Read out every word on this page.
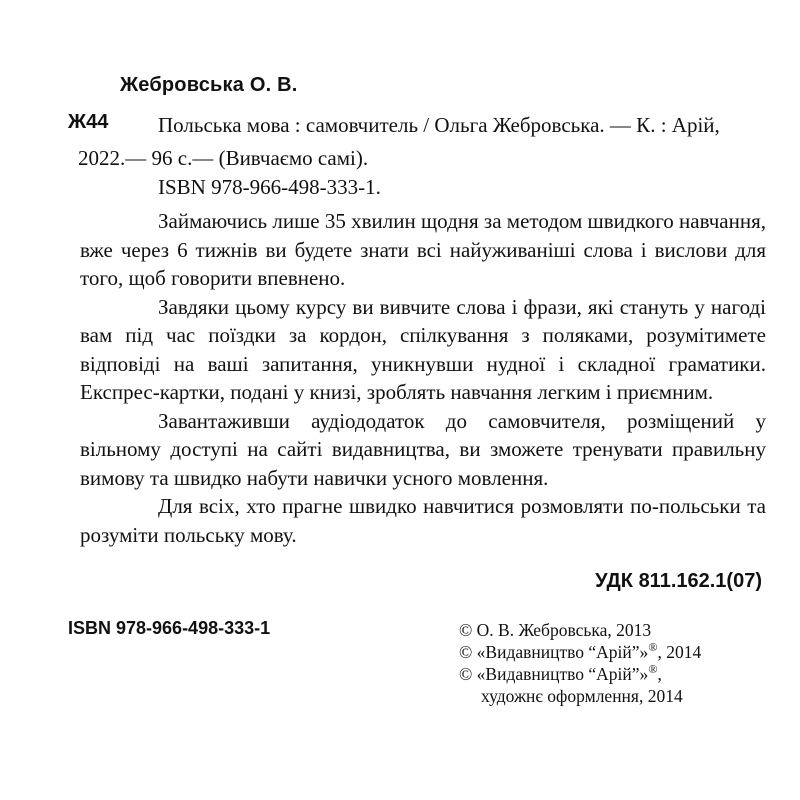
Жебровська О. В.
Ж44	Польська мова : самовчитель / Ольга Жебровська. — К. : Арій, 2022.— 96 с.— (Вивчаємо самі).
ISBN 978-966-498-333-1.

Займаючись лише 35 хвилин щодня за методом швидкого навчання, вже через 6 тижнів ви будете знати всі найуживаніші слова і вислови для того, щоб говорити впевнено.

Завдяки цьому курсу ви вивчите слова і фрази, які стануть у нагоді вам під час поїздки за кордон, спілкування з поляками, розумітимете відповіді на ваші запитання, уникнувши нудної і складної граматики. Експрес-картки, подані у книзі, зроблять навчання легким і приємним.

Завантаживши аудіододаток до самовчителя, розміщений у вільному доступі на сайті видавництва, ви зможете тренувати правильну вимову та швидко набути навички усного мовлення.

Для всіх, хто прагне швидко навчитися розмовляти по-польськи та розуміти польську мову.

УДК 811.162.1(07)
ISBN 978-966-498-333-1	© О. В. Жебровська, 2013
© «Видавництво “Арій”»®, 2014
© «Видавництво “Арій”»®,
художнє оформлення, 2014
